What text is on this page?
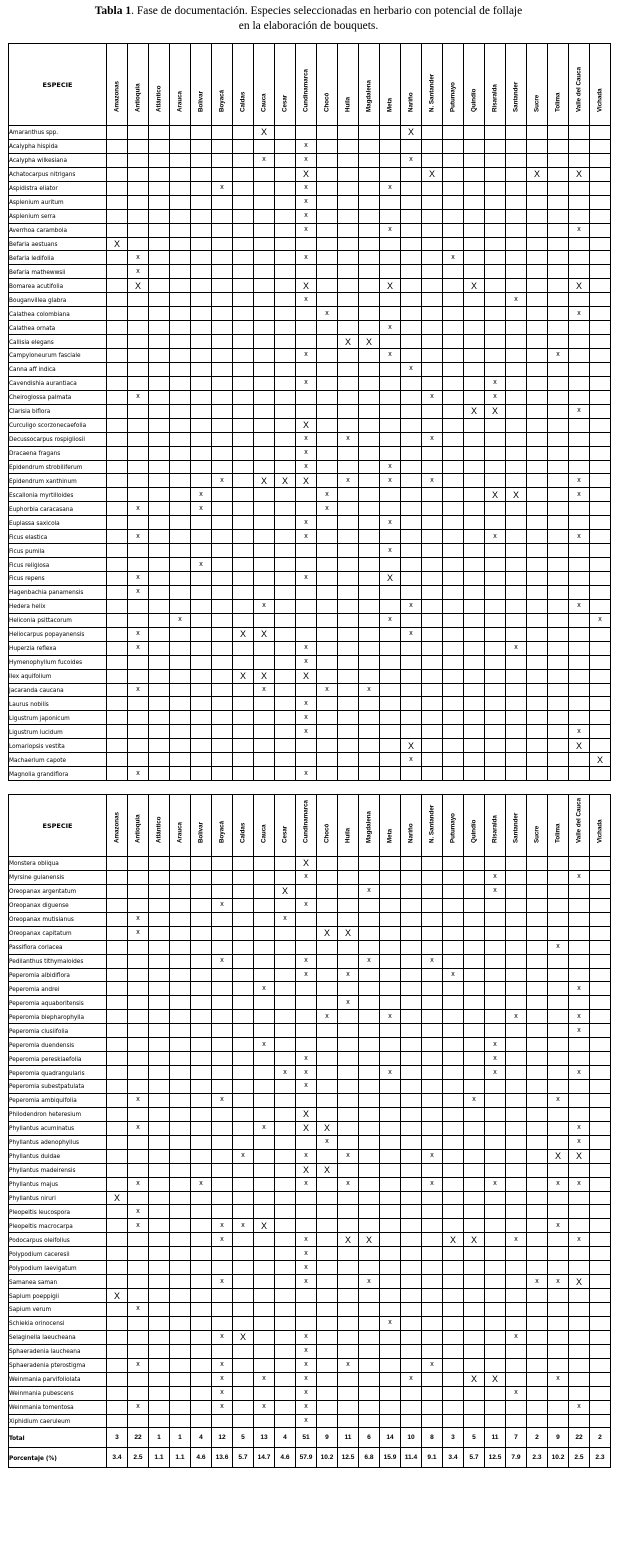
Tabla 1. Fase de documentación. Especies seleccionadas en herbario con potencial de follaje
en la elaboración de bouquets.
ESPECIE	Amazonas	Antioquia	Atlántico	Arauca	Bolívar	Boyacá	Caldas	Cauca	Cesar	Cundinamarca	Chocó	Huila	Magdalena	Meta	Nariño	N. Santander	Putumayo	Quindío	Risaralda	Santander	Sucre	Tolima	Valle del Cauca	Vichada

Amaranthus spp.								X							X									
Acalypha hispida										x														
Acalypha wilkesiana								x		x					x									
Achatocarpus nitrigans										X						X					X		X	
Aspidistra eliator						x				x				x										
Asplenium auritum										x														
Asplenium serra										x														
Averrhoa carambola										x				x									x	
Befaria aestuans	X																							
Befaria ledifolia		x								x							x							
Befaria mathewwsii		x																						
Bomarea acutifolia		X								X				X				X					X	
Bouganvillea glabra										x										x				
Calathea colombiana											x												x	
Calathea ornata														x										
Callisia elegans												X	X											
Campyloneurum fasciale										x				x								x		
Canna aff indica															x									
Cavendishia aurantiaca										x									x					
Cheiroglossa palmata		x														x			x					
Clarisia biflora																		X	X				x	
Curculigo scorzonecaefolia										X														
Decussocarpus rospigliosii										x		x				x								
Dracaena fragans										x														
Epidendrum strobiliferum										x				x										
Epidendrum xanthinum						x		X	X	X		x		x		x							x	
Escallonia myrtilloides					x						x								X	X			x	
Euphorbia caracasana		x			x						x													
Euplassa saxicola										x				x										
Ficus elastica		x								x									x				x	
Ficus pumila														x										
Ficus religiosa					x																			
Ficus repens		x								x				X										
Hagenbachia panamensis		x																						
Hedera helix								x							x								x	
Heliconia psittacorum				x										x										x
Heliocarpus popayanensis		x					X	X							x									
Huperzia reflexa		x								x										x				
Hymenophyllum fucoides										x														
Ilex aquifolium							X	X		X														
Jacaranda caucana		x						x			x		x											
Laurus nobilis										x														
Ligustrum japonicum										x														
Ligustrum lucidum										x													x	
Lomariopsis vestita															X								X	
Machaerium capote															x									X
Magnolia grandiflora		x								x														
ESPECIE	Amazonas	Antioquia	Atlántico	Arauca	Bolívar	Boyacá	Caldas	Cauca	Cesar	Cundinamarca	Chocó	Huila	Magdalena	Meta	Nariño	N. Santander	Putumayo	Quindío	Risaralda	Santander	Sucre	Tolima	Valle del Cauca	Vichada

Monstera obliqua										X														
Myrsine guianensis										x									x				x	
Oreopanax argentatum									X				x						x					
Oreopanax diguense						x				x														
Oreopanax mutisianus		x							x															
Oreopanax capitatum		x									X	X												
Passiflora coriacea																						x		
Pedilanthus tithymaloides						x				x			x			x								
Peperomia albidiflora										x		x					x							
Peperomia andrei								x															x	
Peperomia aquaboritensis												x												
Peperomia blepharophylla											x			x						x			x	
Peperomia clusiifolia																							x	
Peperomia duendensis								x											x					
Peperomia pereskiaefolia										x									x					
Peperomia quadrangularis									x	x				x					x				x	
Peperomia subestpatulata										x														
Peperomia ambiquifolia		x				x												x				x		
Philodendron heteresium										X														
Phyllantus acuminatus		x						x		X	X												x	
Phyllantus adenophyllus											x												x	
Phyllantus duidae							x			x		x				x						X	X	
Phyllantus madeirensis										X	X													
Phyllantus majus		x			x					x		x				x			x			x	x	
Phyllantus niruri	X																							
Pleopeltis leucospora		x																						
Pleopeltis macrocarpa		x				x	x	X														x		
Podocarpus oleifolius						x				x		X	X				X	X		x			x	
Polypodium caceresii										x														
Polypodium laevigatum										x														
Samanea saman						x				x			x								x	x	X	
Sapium poeppigii	X																							
Sapium verum		x																						
Schiekia orinocensi														x										
Selaginella laeucheana						x	X			x										x				
Sphaeradenia laucheana										x														
Sphaeradenia pterostigma		x				x				x		x				x								
Weinmania parvifoliolata						x		x		x					x			X	X			x		
Weinmania pubescens						x				x										x				
Weinmania tomentosa		x				x		x		x													x	
Xiphidium caeruleum										x														
Total	3	22	1	1	4	12	5	13	4	51	9	11	6	14	10	8	3	5	11	7	2	9	22	2
Porcentaje (%)	3.4	2.5	1.1	1.1	4.6	13.6	5.7	14.7	4.6	57.9	10.2	12.5	6.8	15.9	11.4	9.1	3.4	5.7	12.5	7.9	2.3	10.2	2.5	2.3
